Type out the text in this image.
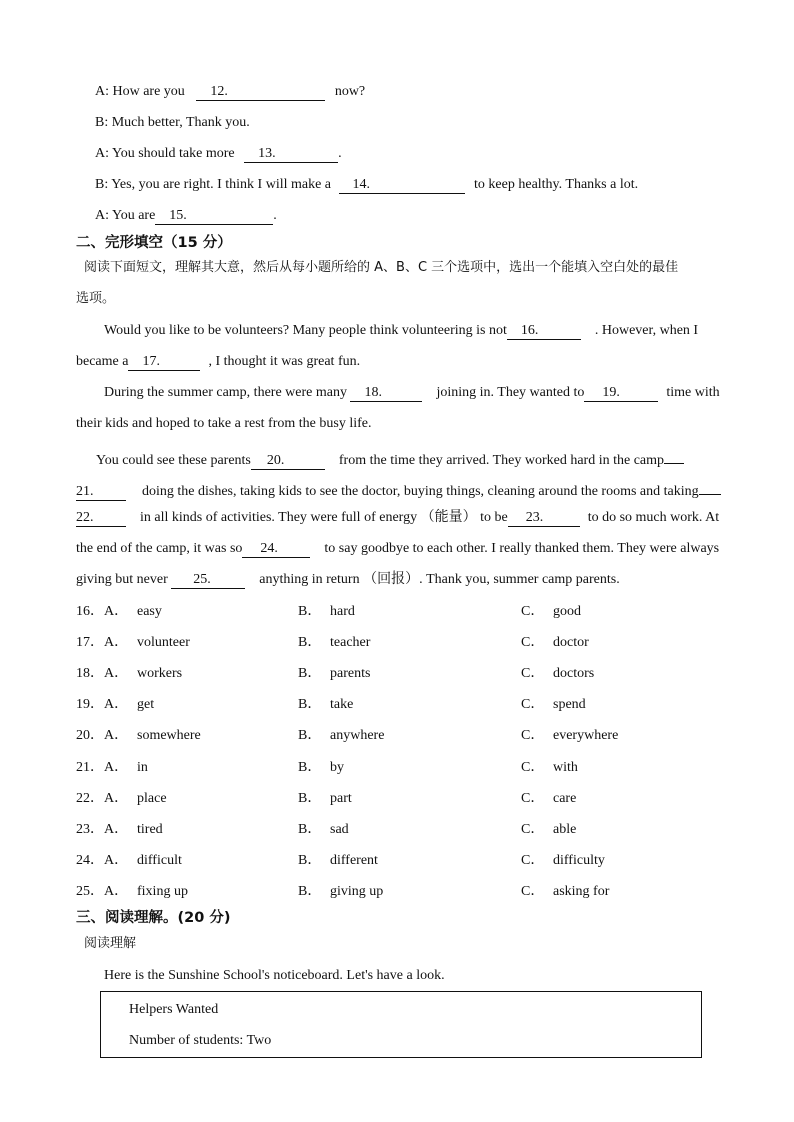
A: How are you 12.	now?
B: Much better, Thank you.
A: You should take more 13.	.
B: Yes, you are right. I think I will make a 14.	to keep healthy. Thanks a lot.
A: You are 15.	.
二、完形填空（15 分）
阅读下面短文，理解其大意，然后从每小题所给的 A、B、C 三个选项中，选出一个能填入空白处的最佳
选项。
Would you like to be volunteers? Many people think volunteering is not 16.	. However, when I
became a 17.	, I thought it was great fun.
During the summer camp, there were many 18.	joining in. They wanted to 19.	time with
their kids and hoped to take a rest from the busy life.
You could see these parents 20.	from the time they arrived. They worked hard in the camp
21.	doing the dishes, taking kids to see the doctor, buying things, cleaning around the rooms and taking
22.	in all kinds of activities. They were full of energy （能量） to be 23.	to do so much work. At
the end of the camp, it was so 24.	to say goodbye to each other. I really thanked them. They were always
giving but never 25.	anything in return （回报）. Thank you, summer camp parents.
16．A． easy	B． hard	C． good
17．A． volunteer	B． teacher	C． doctor
18．A． workers	B． parents	C． doctors
19．A． get	B． take	C． spend
20．A． somewhere	B． anywhere	C． everywhere
21．A． in	B． by	C． with
22．A． place	B． part	C． care
23．A． tired	B． sad	C． able
24．A． difficult	B． different	C． difficulty
25．A． fixing up	B． giving up	C． asking for
三、阅读理解。(20 分)
阅读理解
Here is the Sunshine School's noticeboard. Let's have a look.
Helpers Wanted
Number of students: Two
